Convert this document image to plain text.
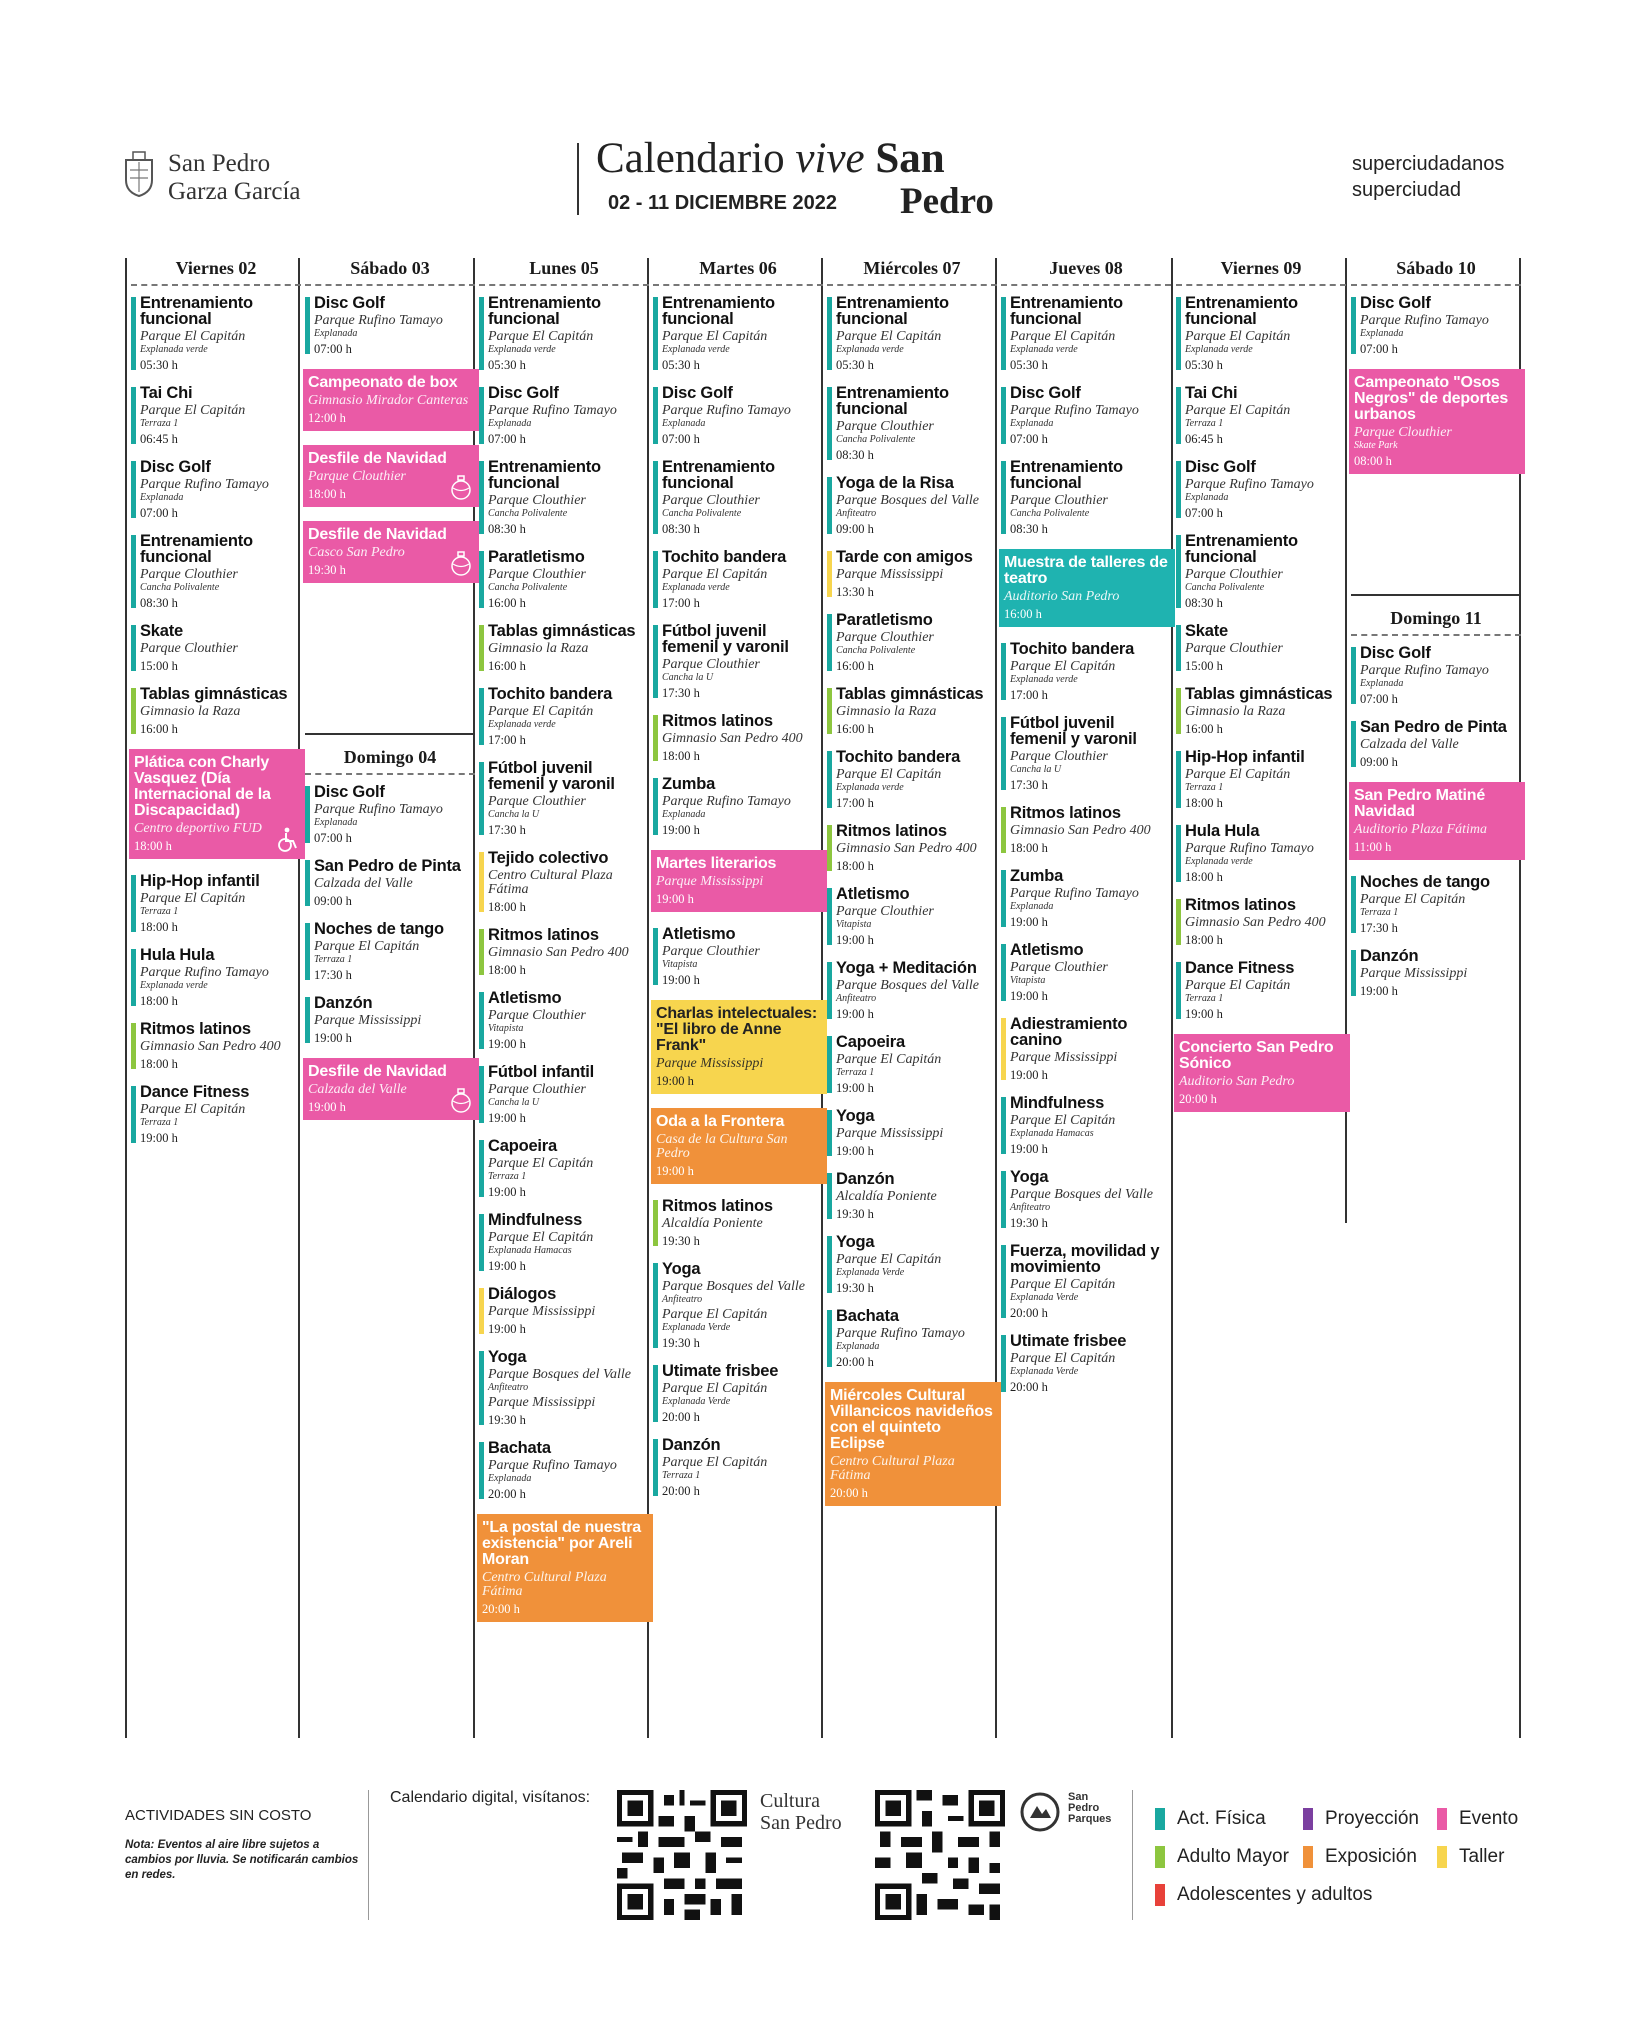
San Pedro
Garza García
Calendario vive San
02 - 11 DICIEMBRE 2022 Pedro
superciudadanos
superciudad
Viernes 02
Entrenamiento funcional
Parque El Capitán
Explanada verde
05:30 h
Tai Chi
Parque El Capitán
Terraza 1
06:45 h
Disc Golf
Parque Rufino Tamayo
Explanada
07:00 h
Entrenamiento funcional
Parque Clouthier
Cancha Polivalente
08:30 h
Skate
Parque Clouthier
15:00 h
Tablas gimnásticas
Gimnasio la Raza
16:00 h
Plática con Charly Vasquez (Día Internacional de la Discapacidad)
Centro deportivo FUD
18:00 h
Hip-Hop infantil
Parque El Capitán
Terraza 1
18:00 h
Hula Hula
Parque Rufino Tamayo
Explanada verde
18:00 h
Ritmos latinos
Gimnasio San Pedro 400
18:00 h
Dance Fitness
Parque El Capitán
Terraza 1
19:00 h
Sábado 03
Disc Golf
Parque Rufino Tamayo
Explanada
07:00 h
Campeonato de box
Gimnasio Mirador Canteras
12:00 h
Desfile de Navidad
Parque Clouthier
18:00 h
Desfile de Navidad
Casco San Pedro
19:30 h
Domingo 04
Disc Golf
Parque Rufino Tamayo
Explanada
07:00 h
San Pedro de Pinta
Calzada del Valle
09:00 h
Noches de tango
Parque El Capitán
Terraza 1
17:30 h
Danzón
Parque Mississippi
19:00 h
Desfile de Navidad
Calzada del Valle
19:00 h
Lunes 05
Entrenamiento funcional
Parque El Capitán
Explanada verde
05:30 h
Disc Golf
Parque Rufino Tamayo
Explanada
07:00 h
Entrenamiento funcional
Parque Clouthier
Cancha Polivalente
08:30 h
Paratletismo
Parque Clouthier
Cancha Polivalente
16:00 h
Tablas gimnásticas
Gimnasio la Raza
16:00 h
Tochito bandera
Parque El Capitán
Explanada verde
17:00 h
Fútbol juvenil femenil y varonil
Parque Clouthier
Cancha la U
17:30 h
Tejido colectivo
Centro Cultural Plaza Fátima
18:00 h
Ritmos latinos
Gimnasio San Pedro 400
18:00 h
Atletismo
Parque Clouthier
Vitapista
19:00 h
Fútbol infantil
Parque Clouthier
Cancha la U
19:00 h
Capoeira
Parque El Capitán
Terraza 1
19:00 h
Mindfulness
Parque El Capitán
Explanada Hamacas
19:00 h
Diálogos
Parque Mississippi
19:00 h
Yoga
Parque Bosques del Valle
Anfiteatro
Parque Mississippi
19:30 h
Bachata
Parque Rufino Tamayo
Explanada
20:00 h
"La postal de nuestra existencia" por Areli Moran
Centro Cultural Plaza Fátima
20:00 h
Martes 06
Entrenamiento funcional
Parque El Capitán
Explanada verde
05:30 h
Disc Golf
Parque Rufino Tamayo
Explanada
07:00 h
Entrenamiento funcional
Parque Clouthier
Cancha Polivalente
08:30 h
Tochito bandera
Parque El Capitán
Explanada verde
17:00 h
Fútbol juvenil femenil y varonil
Parque Clouthier
Cancha la U
17:30 h
Ritmos latinos
Gimnasio San Pedro 400
18:00 h
Zumba
Parque Rufino Tamayo
Explanada
19:00 h
Martes literarios
Parque Mississippi
19:00 h
Atletismo
Parque Clouthier
Vitapista
19:00 h
Charlas intelectuales: "El libro de Anne Frank"
Parque Mississippi
19:00 h
Oda a la Frontera
Casa de la Cultura San Pedro
19:00 h
Ritmos latinos
Alcaldía Poniente
19:30 h
Yoga
Parque Bosques del Valle
Anfiteatro
Parque El Capitán
Explanada Verde
19:30 h
Utimate frisbee
Parque El Capitán
Explanada Verde
20:00 h
Danzón
Parque El Capitán
Terraza 1
20:00 h
Miércoles 07
Entrenamiento funcional
Parque El Capitán
Explanada verde
05:30 h
Entrenamiento funcional
Parque Clouthier
Cancha Polivalente
08:30 h
Yoga de la Risa
Parque Bosques del Valle
Anfiteatro
09:00 h
Tarde con amigos
Parque Mississippi
13:30 h
Paratletismo
Parque Clouthier
Cancha Polivalente
16:00 h
Tablas gimnásticas
Gimnasio la Raza
16:00 h
Tochito bandera
Parque El Capitán
Explanada verde
17:00 h
Ritmos latinos
Gimnasio San Pedro 400
18:00 h
Atletismo
Parque Clouthier
Vitapista
19:00 h
Yoga + Meditación
Parque Bosques del Valle
Anfiteatro
19:00 h
Capoeira
Parque El Capitán
Terraza 1
19:00 h
Yoga
Parque Mississippi
19:00 h
Danzón
Alcaldía Poniente
19:30 h
Yoga
Parque El Capitán
Explanada Verde
19:30 h
Bachata
Parque Rufino Tamayo
Explanada
20:00 h
Miércoles Cultural Villancicos navideños con el quinteto Eclipse
Centro Cultural Plaza Fátima
20:00 h
Jueves 08
Entrenamiento funcional
Parque El Capitán
Explanada verde
05:30 h
Disc Golf
Parque Rufino Tamayo
Explanada
07:00 h
Entrenamiento funcional
Parque Clouthier
Cancha Polivalente
08:30 h
Muestra de talleres de teatro
Auditorio San Pedro
16:00 h
Tochito bandera
Parque El Capitán
Explanada verde
17:00 h
Fútbol juvenil femenil y varonil
Parque Clouthier
Cancha la U
17:30 h
Ritmos latinos
Gimnasio San Pedro 400
18:00 h
Zumba
Parque Rufino Tamayo
Explanada
19:00 h
Atletismo
Parque Clouthier
Vitapista
19:00 h
Adiestramiento canino
Parque Mississippi
19:00 h
Mindfulness
Parque El Capitán
Explanada Hamacas
19:00 h
Yoga
Parque Bosques del Valle
Anfiteatro
19:30 h
Fuerza, movilidad y movimiento
Parque El Capitán
Explanada Verde
20:00 h
Utimate frisbee
Parque El Capitán
Explanada Verde
20:00 h
Viernes 09
Entrenamiento funcional
Parque El Capitán
Explanada verde
05:30 h
Tai Chi
Parque El Capitán
Terraza 1
06:45 h
Disc Golf
Parque Rufino Tamayo
Explanada
07:00 h
Entrenamiento funcional
Parque Clouthier
Cancha Polivalente
08:30 h
Skate
Parque Clouthier
15:00 h
Tablas gimnásticas
Gimnasio la Raza
16:00 h
Hip-Hop infantil
Parque El Capitán
Terraza 1
18:00 h
Hula Hula
Parque Rufino Tamayo
Explanada verde
18:00 h
Ritmos latinos
Gimnasio San Pedro 400
18:00 h
Dance Fitness
Parque El Capitán
Terraza 1
19:00 h
Concierto San Pedro Sónico
Auditorio San Pedro
20:00 h
Sábado 10
Disc Golf
Parque Rufino Tamayo
Explanada
07:00 h
Campeonato "Osos Negros" de deportes urbanos
Parque Clouthier
Skate Park
08:00 h
Domingo 11
Disc Golf
Parque Rufino Tamayo
Explanada
07:00 h
San Pedro de Pinta
Calzada del Valle
09:00 h
San Pedro Matiné Navidad
Auditorio Plaza Fátima
11:00 h
Noches de tango
Parque El Capitán
Terraza 1
17:30 h
Danzón
Parque Mississippi
19:00 h
ACTIVIDADES SIN COSTO
Nota: Eventos al aire libre sujetos a cambios por lluvia. Se notificarán cambios en redes.
Calendario digital, visítanos:	Cultura
San Pedro
San
Pedro
Parques	Act. Física	Proyección Evento
Adulto Mayor Exposición Taller
Adolescentes y adultos
